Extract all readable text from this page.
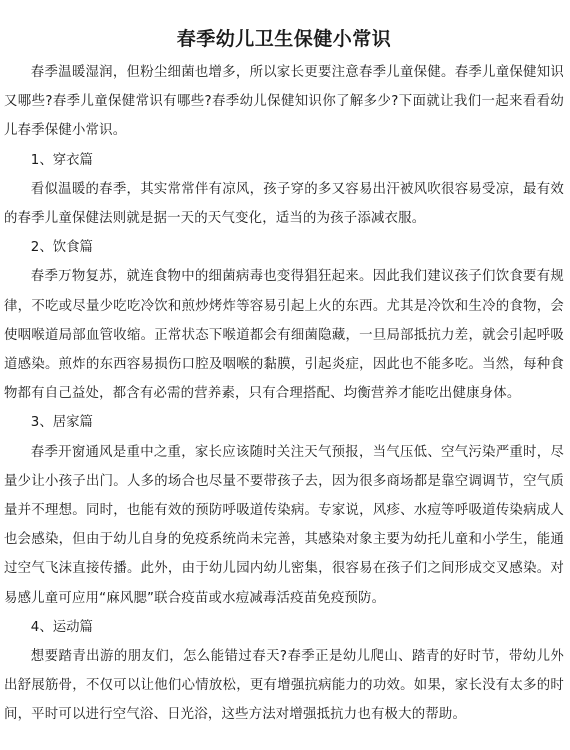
春季幼儿卫生保健小常识

春季温暖湿润，但粉尘细菌也增多，所以家长更要注意春季儿童保健。春季儿童保健知识又哪些?春季儿童保健常识有哪些?春季幼儿保健知识你了解多少?下面就让我们一起来看看幼儿春季保健小常识。

1、穿衣篇

看似温暖的春季，其实常常伴有凉风，孩子穿的多又容易出汗被风吹很容易受凉，最有效的春季儿童保健法则就是据一天的天气变化，适当的为孩子添减衣服。

2、饮食篇

春季万物复苏，就连食物中的细菌病毒也变得猖狂起来。因此我们建议孩子们饮食要有规律，不吃或尽量少吃吃冷饮和煎炒烤炸等容易引起上火的东西。尤其是冷饮和生冷的食物，会使咽喉道局部血管收缩。正常状态下喉道都会有细菌隐藏，一旦局部抵抗力差，就会引起呼吸道感染。煎炸的东西容易损伤口腔及咽喉的黏膜，引起炎症，因此也不能多吃。当然，每种食物都有自己益处，都含有必需的营养素，只有合理搭配、均衡营养才能吃出健康身体。

3、居家篇

春季开窗通风是重中之重，家长应该随时关注天气预报，当气压低、空气污染严重时，尽量少让小孩子出门。人多的场合也尽量不要带孩子去，因为很多商场都是靠空调调节，空气质量并不理想。同时，也能有效的预防呼吸道传染病。专家说，风疹、水痘等呼吸道传染病成人也会感染，但由于幼儿自身的免疫系统尚未完善，其感染对象主要为幼托儿童和小学生，能通过空气飞沫直接传播。此外，由于幼儿园内幼儿密集，很容易在孩子们之间形成交叉感染。对易感儿童可应用“麻风腮”联合疫苗或水痘减毒活疫苗免疫预防。

4、运动篇

想要踏青出游的朋友们，怎么能错过春天?春季正是幼儿爬山、踏青的好时节，带幼儿外出舒展筋骨，不仅可以让他们心情放松，更有增强抗病能力的功效。如果，家长没有太多的时间，平时可以进行空气浴、日光浴，这些方法对增强抵抗力也有极大的帮助。
